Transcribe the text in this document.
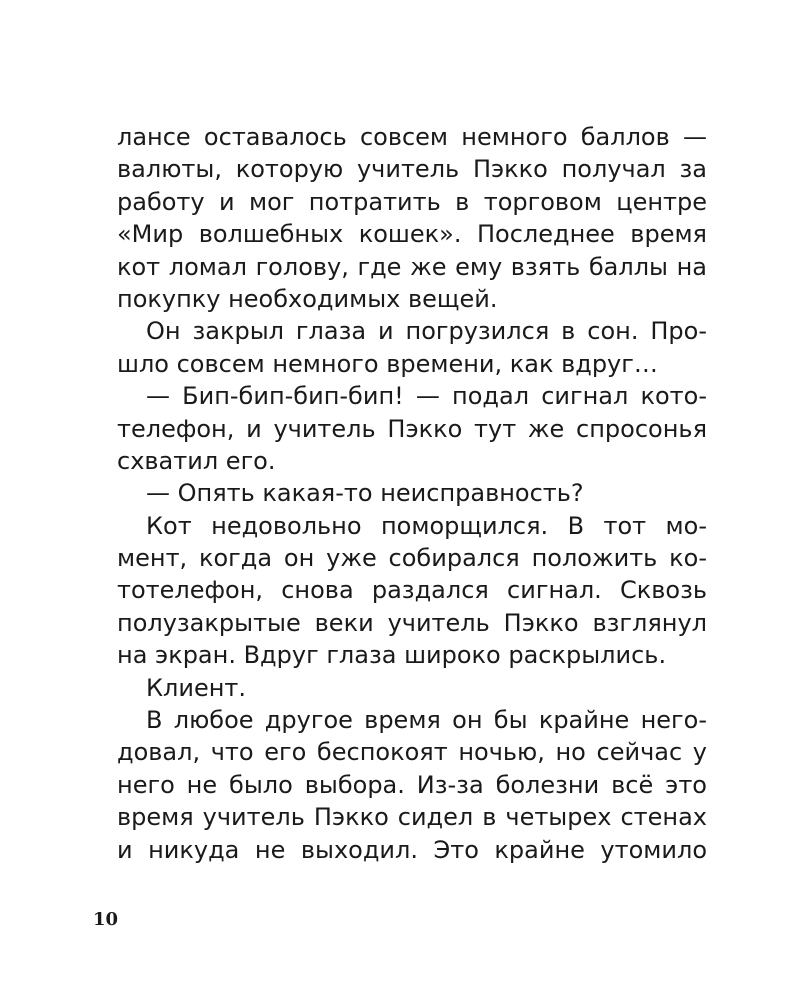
лансе оставалось совсем немного баллов —
валюты, которую учитель Пэкко получал за
работу и мог потратить в торговом центре
«Мир волшебных кошек». Последнее время
кот ломал голову, где же ему взять баллы на
покупку необходимых вещей.
Он закрыл глаза и погрузился в сон. Про-
шло совсем немного времени, как вдруг…
— Бип-бип-бип-бип! — подал сигнал кото-
телефон, и учитель Пэкко тут же спросонья
схватил его.
— Опять какая-то неисправность?
Кот недовольно поморщился. В тот мо-
мент, когда он уже собирался положить ко-
тотелефон, снова раздался сигнал. Сквозь
полузакрытые веки учитель Пэкко взглянул
на экран. Вдруг глаза широко раскрылись.
Клиент.
В любое другое время он бы крайне него-
довал, что его беспокоят ночью, но сейчас у
него не было выбора. Из-за болезни всё это
время учитель Пэкко сидел в четырех стенах
и никуда не выходил. Это крайне утомило
10
